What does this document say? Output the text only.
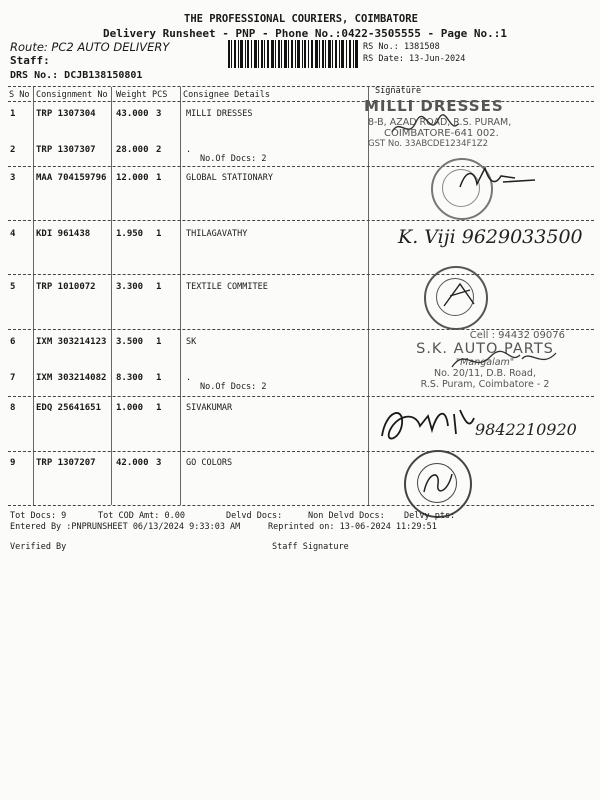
THE PROFESSIONAL COURIERS, COIMBATORE
Delivery Runsheet - PNP - Phone No.:0422-3505555 - Page No.:1
Route: PC2 AUTO DELIVERY
Staff:
DRS No.: DCJB138150801
RS No.: 1381508
RS Date: 13-Jun-2024
S No Consignment No Weight PCS Consignee Details	Signature
1 TRP 1307304 43.000 3	MILLI DRESSES
2 TRP 1307307 28.000 2	.
No.Of Docs: 2
3 MAA 704159796 12.000 1	GLOBAL STATIONARY
4 KDI 961438	1.950 1	THILAGAVATHY
5 TRP 1010072 3.300 1	TEXTILE COMMITEE
6 IXM 303214123 3.500 1	SK
7 IXM 303214082 8.300 1	.
No.Of Docs: 2
8 EDQ 25641651 1.000 1	SIVAKUMAR
9 TRP 1307207 42.000 3	GO COLORS
MILLI DRESSES
8-B, AZAD ROAD, R.S. PURAM,
COIMBATORE-641 002.
GST No. 33ABCDE1234F1Z2
K. Viji 9629033500
Cell : 94432 09076
S.K. AUTO PARTS
"Mangalam"
No. 20/11, D.B. Road,
R.S. Puram, Coimbatore - 2
9842210920
Tot Docs: 9	Tot COD Amt: 0.00	Delvd Docs:	Non Delvd Docs: Delvy pts:
Entered By :PNPRUNSHEET 06/13/2024 9:33:03 AM	Reprinted on: 13-06-2024 11:29:51
Verified By	Staff Signature
